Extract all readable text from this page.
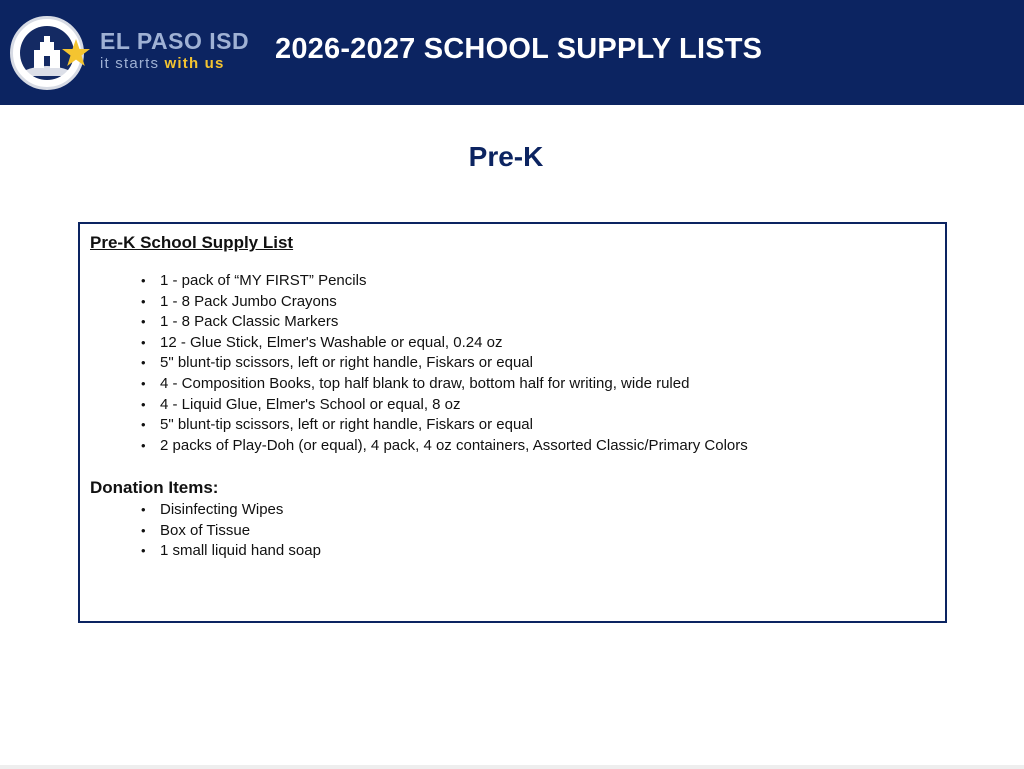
EL PASO ISD
it starts with us 2026-2027 SCHOOL SUPPLY LISTS
Pre-K
Pre-K School Supply List
• 1 - pack of “MY FIRST” Pencils
• 1 - 8 Pack Jumbo Crayons
• 1 - 8 Pack Classic Markers
• 12 - Glue Stick, Elmer's Washable or equal, 0.24 oz
• 5" blunt-tip scissors, left or right handle, Fiskars or equal
• 4 - Composition Books, top half blank to draw, bottom half for writing, wide ruled
• 4 - Liquid Glue, Elmer's School or equal, 8 oz
• 5" blunt-tip scissors, left or right handle, Fiskars or equal
• 2 packs of Play-Doh (or equal), 4 pack, 4 oz containers, Assorted Classic/Primary Colors
Donation Items:
• Disinfecting Wipes
• Box of Tissue
• 1 small liquid hand soap
